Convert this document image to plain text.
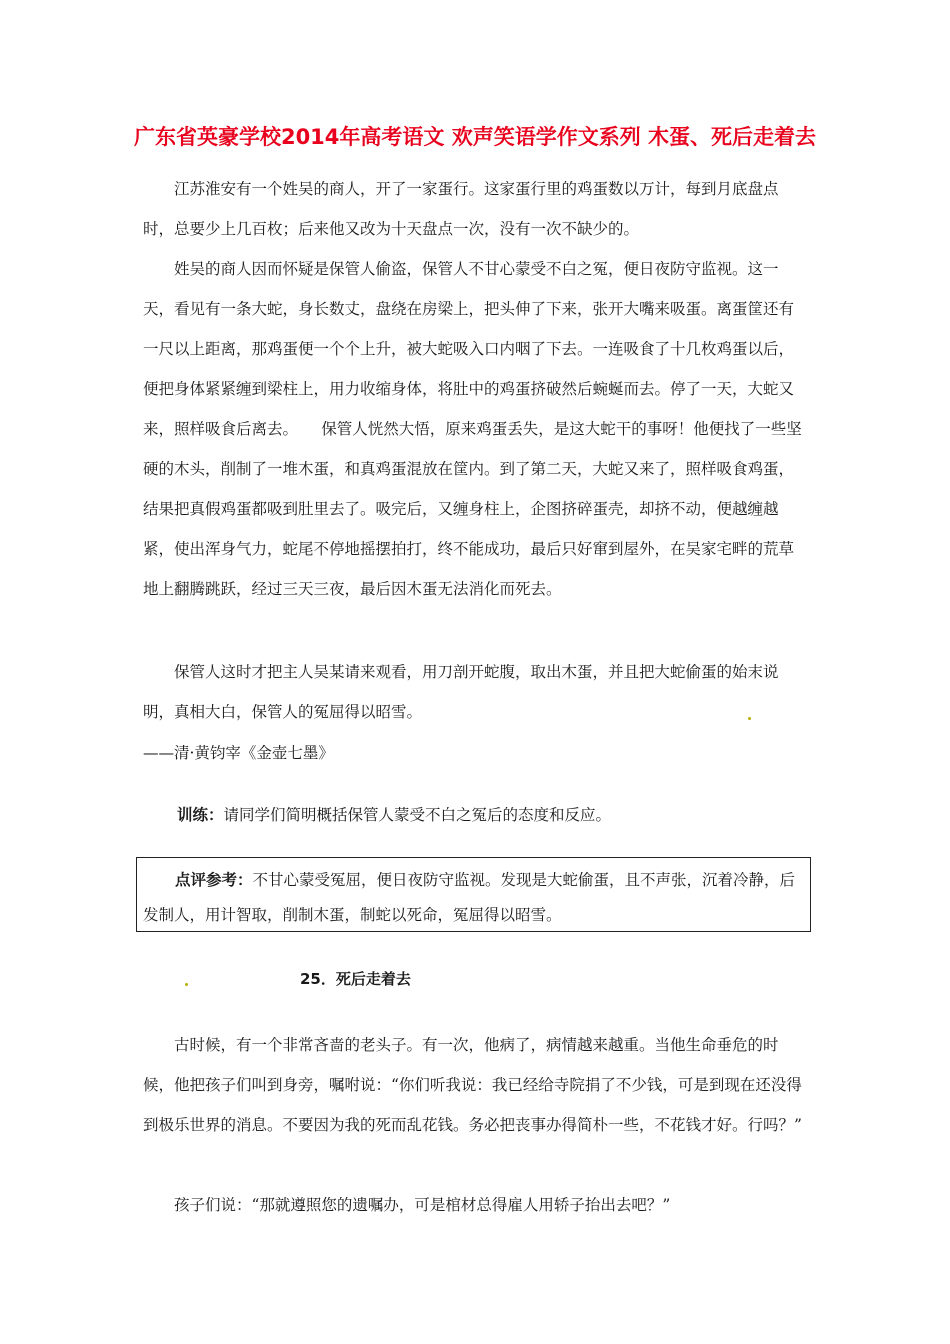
广东省英豪学校2014年高考语文 欢声笑语学作文系列 木蛋、死后走着去

江苏淮安有一个姓吴的商人，开了一家蛋行。这家蛋行里的鸡蛋数以万计，每到月底盘点时，总要少上几百枚；后来他又改为十天盘点一次，没有一次不缺少的。

姓吴的商人因而怀疑是保管人偷盗，保管人不甘心蒙受不白之冤，便日夜防守监视。这一天，看见有一条大蛇，身长数丈，盘绕在房梁上，把头伸了下来，张开大嘴来吸蛋。离蛋筐还有一尺以上距离，那鸡蛋便一个个上升，被大蛇吸入口内咽了下去。一连吸食了十几枚鸡蛋以后，便把身体紧紧缠到梁柱上，用力收缩身体，将肚中的鸡蛋挤破然后蜿蜒而去。停了一天，大蛇又来，照样吸食后离去。　　保管人恍然大悟，原来鸡蛋丢失，是这大蛇干的事呀！他便找了一些坚硬的木头，削制了一堆木蛋，和真鸡蛋混放在筐内。到了第二天，大蛇又来了，照样吸食鸡蛋，结果把真假鸡蛋都吸到肚里去了。吸完后，又缠身柱上，企图挤碎蛋壳，却挤不动，便越缠越紧，使出浑身气力，蛇尾不停地摇摆拍打，终不能成功，最后只好窜到屋外，在吴家宅畔的荒草地上翻腾跳跃，经过三天三夜，最后因木蛋无法消化而死去。

保管人这时才把主人吴某请来观看，用刀剖开蛇腹，取出木蛋，并且把大蛇偷蛋的始末说明，真相大白，保管人的冤屈得以昭雪。

——清·黄钧宰《金壶七墨》
训练：请同学们简明概括保管人蒙受不白之冤后的态度和反应。

点评参考：不甘心蒙受冤屈，便日夜防守监视。发现是大蛇偷蛋，且不声张，沉着冷静，后发制人，用计智取，削制木蛋，制蛇以死命，冤屈得以昭雪。

25．死后走着去

古时候，有一个非常吝啬的老头子。有一次，他病了，病情越来越重。当他生命垂危的时候，他把孩子们叫到身旁，嘱咐说：“你们听我说：我已经给寺院捐了不少钱，可是到现在还没得到极乐世界的消息。不要因为我的死而乱花钱。务必把丧事办得简朴一些，不花钱才好。行吗？”

孩子们说：“那就遵照您的遗嘱办，可是棺材总得雇人用轿子抬出去吧？”
